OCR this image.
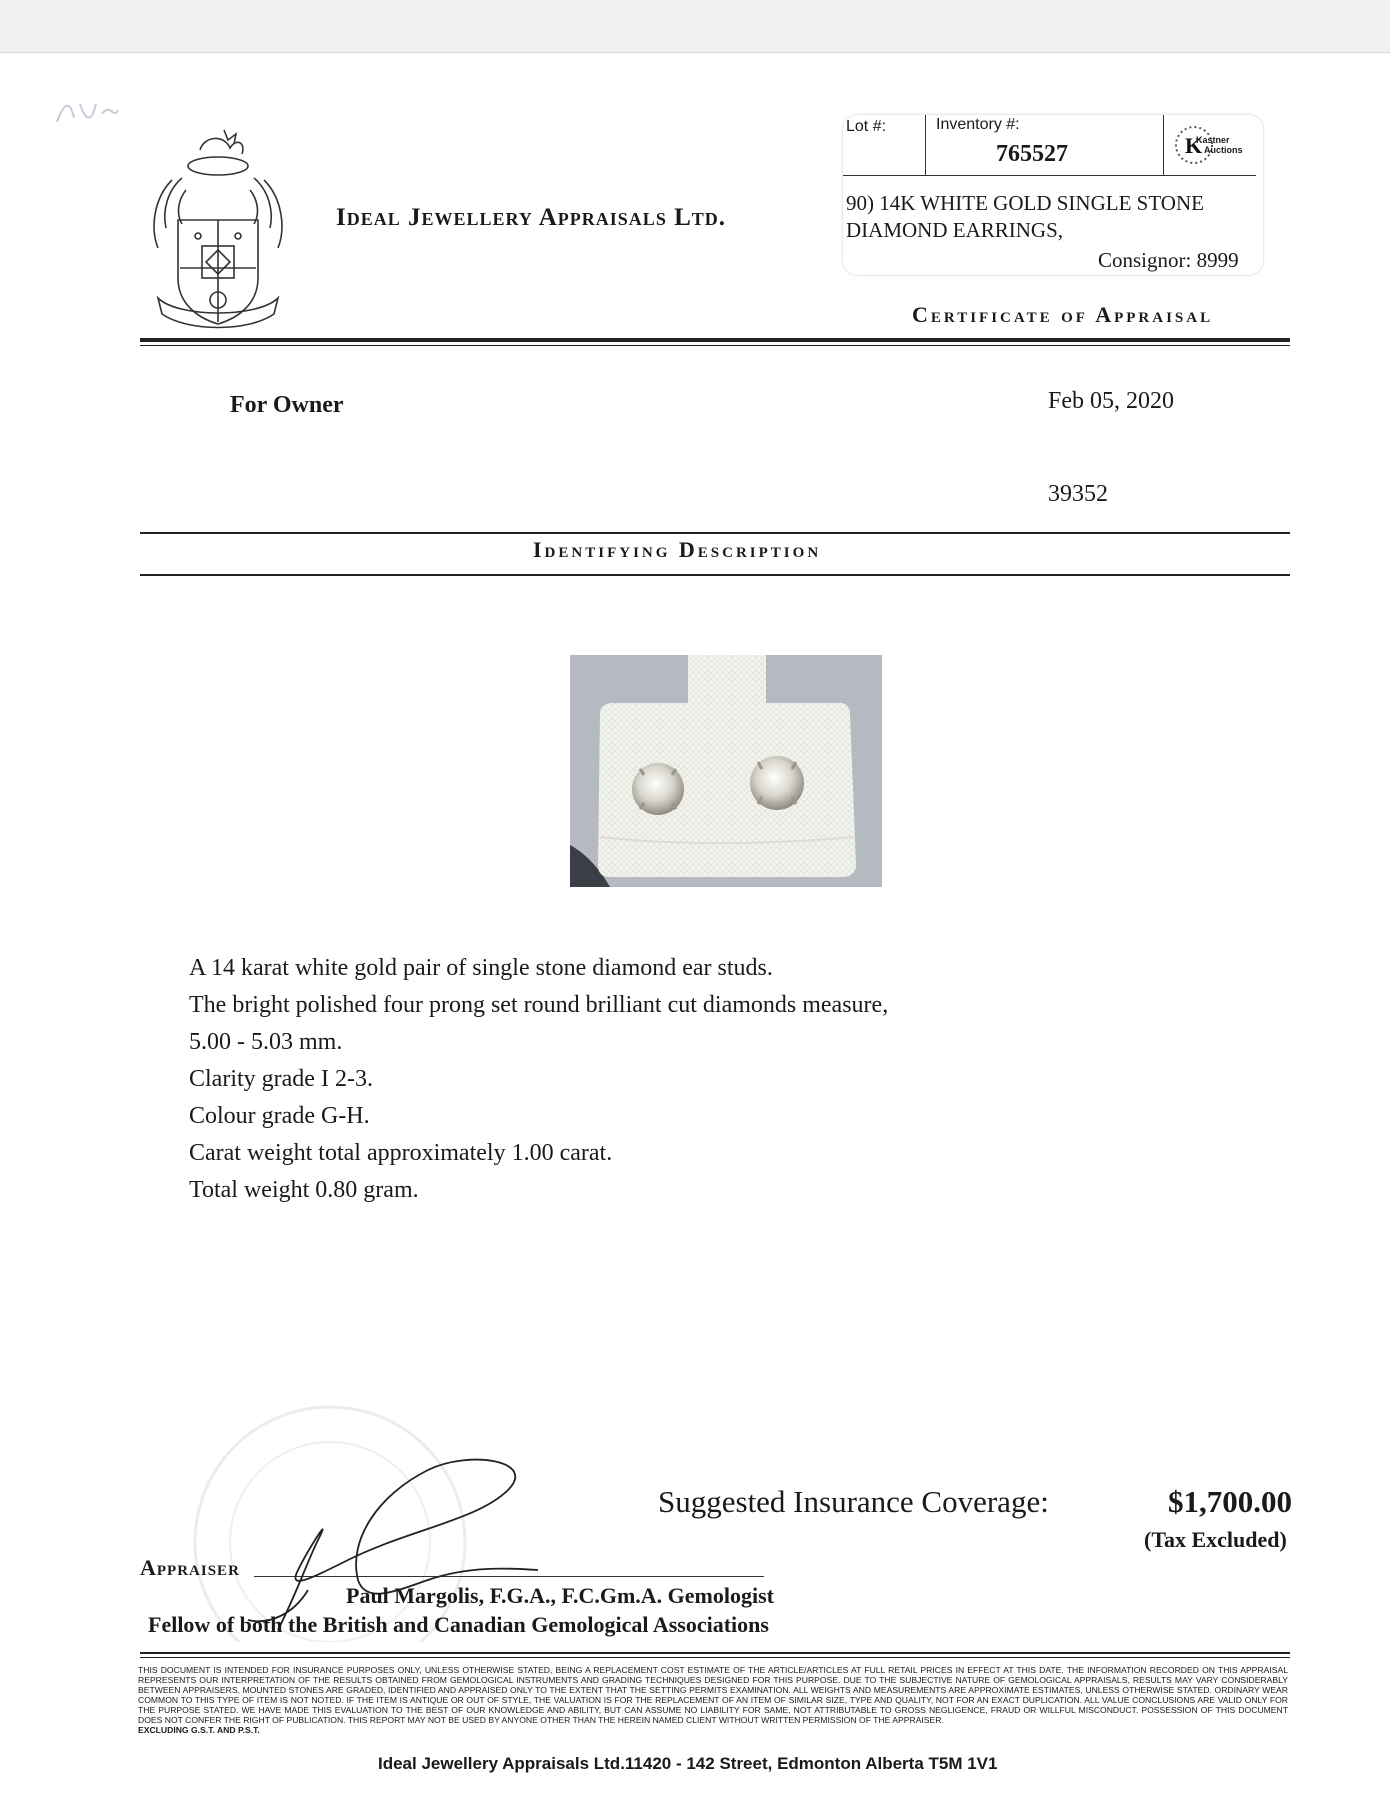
Ideal Jewellery Appraisals Ltd.
Lot #:	Inventory #:
765527	K
Kastner
Auctions
90) 14K WHITE GOLD SINGLE STONE
DIAMOND EARRINGS,
Consignor: 8999
Certificate of Appraisal
For Owner	Feb 05, 2020
39352
Identifying Description
A 14 karat white gold pair of single stone diamond ear studs.
The bright polished four prong set round brilliant cut diamonds measure,
5.00 - 5.03 mm.
Clarity grade I 2-3.
Colour grade G-H.
Carat weight total approximately 1.00 carat.
Total weight 0.80 gram.
Suggested Insurance Coverage:	$1,700.00
(Tax Excluded)
Appraiser
Paul Margolis, F.G.A., F.C.Gm.A. Gemologist
Fellow of both the British and Canadian Gemological Associations
THIS DOCUMENT IS INTENDED FOR INSURANCE PURPOSES ONLY, UNLESS OTHERWISE STATED, BEING A REPLACEMENT COST ESTIMATE OF THE ARTICLE/ARTICLES AT FULL RETAIL PRICES IN EFFECT AT THIS DATE. THE INFORMATION RECORDED ON THIS APPRAISAL REPRESENTS OUR INTERPRETATION OF THE RESULTS OBTAINED FROM GEMOLOGICAL INSTRUMENTS AND GRADING TECHNIQUES DESIGNED FOR THIS PURPOSE. DUE TO THE SUBJECTIVE NATURE OF GEMOLOGICAL APPRAISALS, RESULTS MAY VARY CONSIDERABLY BETWEEN APPRAISERS. MOUNTED STONES ARE GRADED, IDENTIFIED AND APPRAISED ONLY TO THE EXTENT THAT THE SETTING PERMITS EXAMINATION. ALL WEIGHTS AND MEASUREMENTS ARE APPROXIMATE ESTIMATES, UNLESS OTHERWISE STATED. ORDINARY WEAR COMMON TO THIS TYPE OF ITEM IS NOT NOTED. IF THE ITEM IS ANTIQUE OR OUT OF STYLE, THE VALUATION IS FOR THE REPLACEMENT OF AN ITEM OF SIMILAR SIZE, TYPE AND QUALITY, NOT FOR AN EXACT DUPLICATION. ALL VALUE CONCLUSIONS ARE VALID ONLY FOR THE PURPOSE STATED. WE HAVE MADE THIS EVALUATION TO THE BEST OF OUR KNOWLEDGE AND ABILITY, BUT CAN ASSUME NO LIABILITY FOR SAME, NOT ATTRIBUTABLE TO GROSS NEGLIGENCE, FRAUD OR WILLFUL MISCONDUCT. POSSESSION OF THIS DOCUMENT DOES NOT CONFER THE RIGHT OF PUBLICATION. THIS REPORT MAY NOT BE USED BY ANYONE OTHER THAN THE HEREIN NAMED CLIENT WITHOUT WRITTEN PERMISSION OF THE APPRAISER.
EXCLUDING G.S.T. AND P.S.T.
Ideal Jewellery Appraisals Ltd.11420 - 142 Street, Edmonton Alberta T5M 1V1
